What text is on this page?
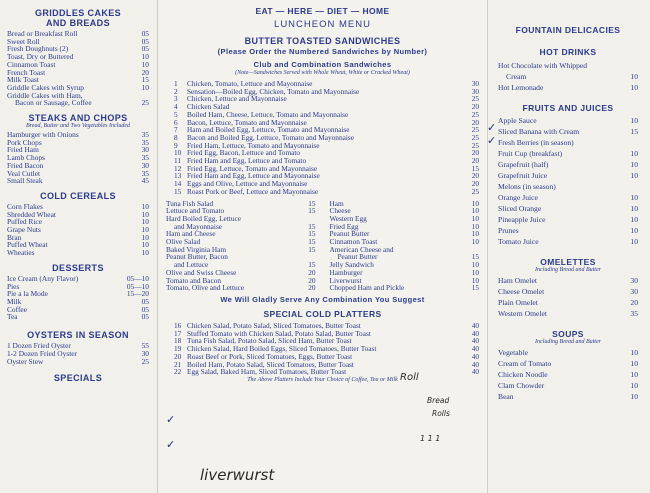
GRIDDLES CAKES

AND BREADS

Bread or Breakfast Roll	05
Sweet Roll	05
Fresh Doughnuts (2)	05
Toast, Dry or Buttered	10
Cinnamon Toast	10
French Toast	20
Milk Toast	15
Griddle Cakes with Syrup	10
Griddle Cakes with Ham,
Bacon or Sausage, Coffee	25

STEAKS AND CHOPS

Bread, Butter and Two Vegetables Included

Hamburger with Onions	35
Pork Chops	35
Fried Ham	30
Lamb Chops	35
Fried Bacon	30
Veal Cutlet	35
Small Steak	45

COLD CEREALS

Corn Flakes	10
Shredded Wheat	10
Puffed Rice	10
Grape Nuts	10
Bran	10
Puffed Wheat	10
Wheaties	10

DESSERTS

Ice Cream (Any Flavor)	05—10
Pies	05—10
Pie a la Mode	15—20
Milk	05
Coffee	05
Tea	05

OYSTERS IN SEASON

1 Dozen Fried Oyster	55
1-2 Dozen Fried Oyster	30
Oyster Stew	25

SPECIALS

EAT — HERE — DIET — HOME

LUNCHEON MENU

BUTTER TOASTED SANDWICHES

(Please Order the Numbered Sandwiches by Number)

Club and Combination Sandwiches

(Note—Sandwiches Served with Whole Wheat, White or Cracked Wheat)

1 Chicken, Tomato, Lettuce and Mayonnaise	30
2 Sensation—Boiled Egg, Chicken, Tomato and Mayonnaise	30
3 Chicken, Lettuce and Mayonnaise	25
4 Chicken Salad	20
5 Boiled Ham, Cheese, Lettuce, Tomato and Mayonnaise	25
6 Bacon, Lettuce, Tomato and Mayonnaise	20
7 Ham and Boiled Egg, Lettuce, Tomato and Mayonnaise	25
8 Bacon and Boiled Egg, Lettuce, Tomato and Mayonnaise	25
9 Fried Ham, Lettuce, Tomato and Mayonnaise	25
10 Fried Egg, Bacon, Lettuce and Tomato	20
11 Fried Ham and Egg, Lettuce and Tomato	20
12 Fried Egg, Lettuce, Tomato and Mayonnaise	15
13 Fried Ham and Egg, Lettuce and Mayonnaise	20
14 Eggs and Olive, Lettuce and Mayonnaise	20
15 Roast Pork or Beef, Lettuce and Mayonnaise	25
Tuna Fish Salad	15
Lettuce and Tomato	15
Hard Boiled Egg, Lettuce
and Mayonnaise	15
Ham and Cheese	15
Olive Salad	15
Baked Virginia Ham	15
Peanut Butter, Bacon
and Lettuce	15
Olive and Swiss Cheese	20
Tomato and Bacon	20
Tomato, Olive and Lettuce	20
Ham	10
Cheese	10
Western Egg	10
Fried Egg	10
Peanut Butter	10
Cinnamon Toast	10
American Cheese and
Peanut Butter	15
Jelly Sandwich	10
Hamburger	10
Liverwurst	10
Chopped Ham and Pickle	15

We Will Gladly Serve Any Combination You Suggest

SPECIAL COLD PLATTERS

16 Chicken Salad, Potato Salad, Sliced Tomatoes, Butter Toast	40
17 Stuffed Tomato with Chicken Salad, Potato Salad, Butter Toast	40
18 Tuna Fish Salad, Potato Salad, Sliced Ham, Butter Toast	40
19 Chicken Salad, Hard Boiled Eggs, Sliced Tomatoes, Butter Toast	40
20 Roast Beef or Pork, Sliced Tomatoes, Eggs, Butter Toast	40
21 Boiled Ham, Potato Salad, Sliced Tomatoes, Butter Toast	40
22 Egg Salad, Baked Ham, Sliced Tomatoes, Butter Toast	40

The Above Platters Include Your Choice of Coffee, Tea or Milk

FOUNTAIN DELICACIES

HOT DRINKS

Hot Chocolate with Whipped
Cream	10
Hot Lemonade	10

FRUITS AND JUICES

Apple Sauce	10
Sliced Banana with Cream	15
Fresh Berries (in season)
Fruit Cup (breakfast)	10
Grapefruit (half)	10
Grapefruit Juice	10
Melons (in season)
Orange Juice	10
Sliced Orange	10
Pineapple Juice	10
Prunes	10
Tomato Juice	10

OMELETTES

Including Bread and Butter

Ham Omelet	30
Cheese Omelet	30
Plain Omelet	20
Western Omelet	35

SOUPS

Including Bread and Butter

Vegetable	10
Cream of Tomato	10
Chicken Noodle	10
Clam Chowder	10
Bean	10
Roll
Bread
Rolls
1 1 1
liverwurst
✓
✓
✓
✓
